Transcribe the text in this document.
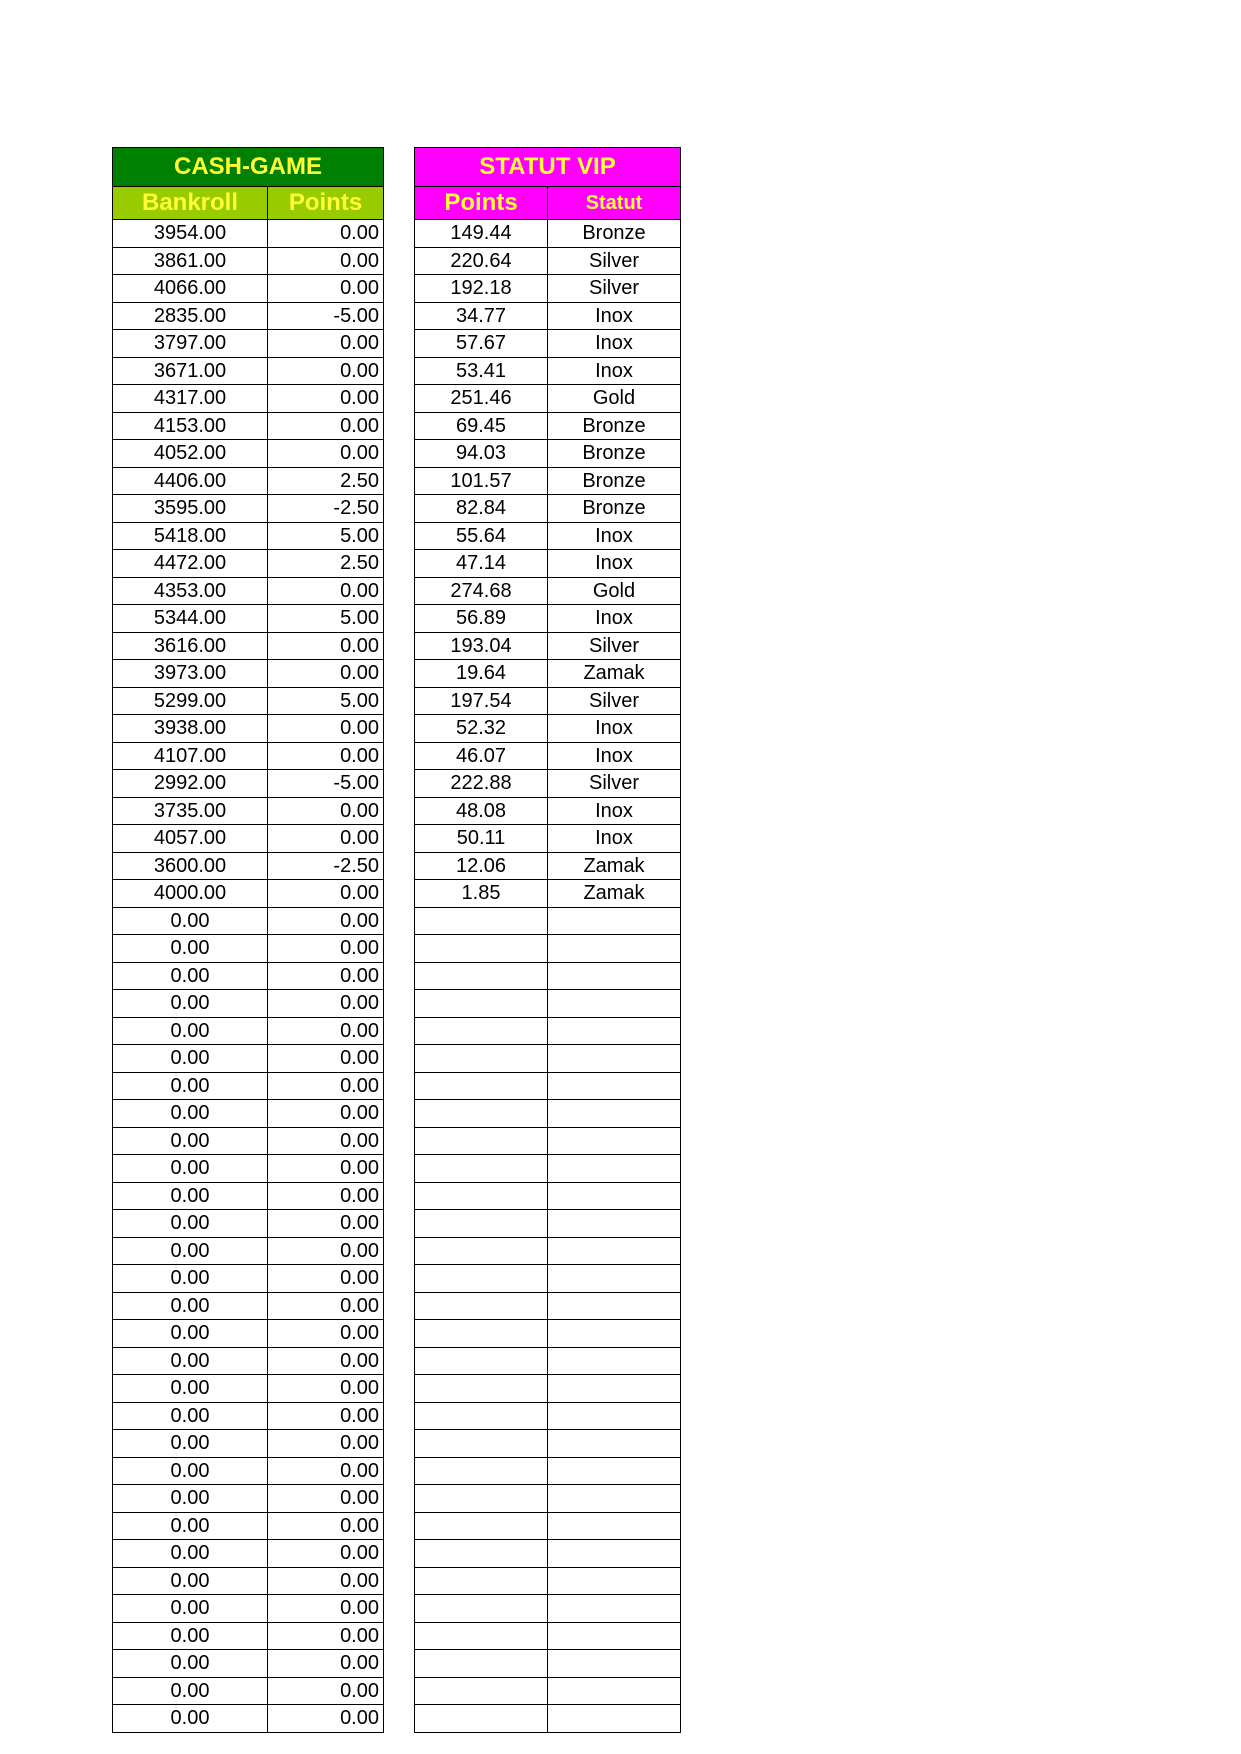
CASH-GAME	
Bankroll	Points
3954.00	0.00
3861.00	0.00
4066.00	0.00
2835.00	-5.00
3797.00	0.00
3671.00	0.00
4317.00	0.00
4153.00	0.00
4052.00	0.00
4406.00	2.50
3595.00	-2.50
5418.00	5.00
4472.00	2.50
4353.00	0.00
5344.00	5.00
3616.00	0.00
3973.00	0.00
5299.00	5.00
3938.00	0.00
4107.00	0.00
2992.00	-5.00
3735.00	0.00
4057.00	0.00
3600.00	-2.50
4000.00	0.00
0.00	0.00
0.00	0.00
0.00	0.00
0.00	0.00
0.00	0.00
0.00	0.00
0.00	0.00
0.00	0.00
0.00	0.00
0.00	0.00
0.00	0.00
0.00	0.00
0.00	0.00
0.00	0.00
0.00	0.00
0.00	0.00
0.00	0.00
0.00	0.00
0.00	0.00
0.00	0.00
0.00	0.00
0.00	0.00
0.00	0.00
0.00	0.00
0.00	0.00
0.00	0.00
0.00	0.00
0.00	0.00
0.00	0.00
0.00	0.00
STATUT VIP	
Points	Statut
149.44	Bronze
220.64	Silver
192.18	Silver
34.77	Inox
57.67	Inox
53.41	Inox
251.46	Gold
69.45	Bronze
94.03	Bronze
101.57	Bronze
82.84	Bronze
55.64	Inox
47.14	Inox
274.68	Gold
56.89	Inox
193.04	Silver
19.64	Zamak
197.54	Silver
52.32	Inox
46.07	Inox
222.88	Silver
48.08	Inox
50.11	Inox
12.06	Zamak
1.85	Zamak
